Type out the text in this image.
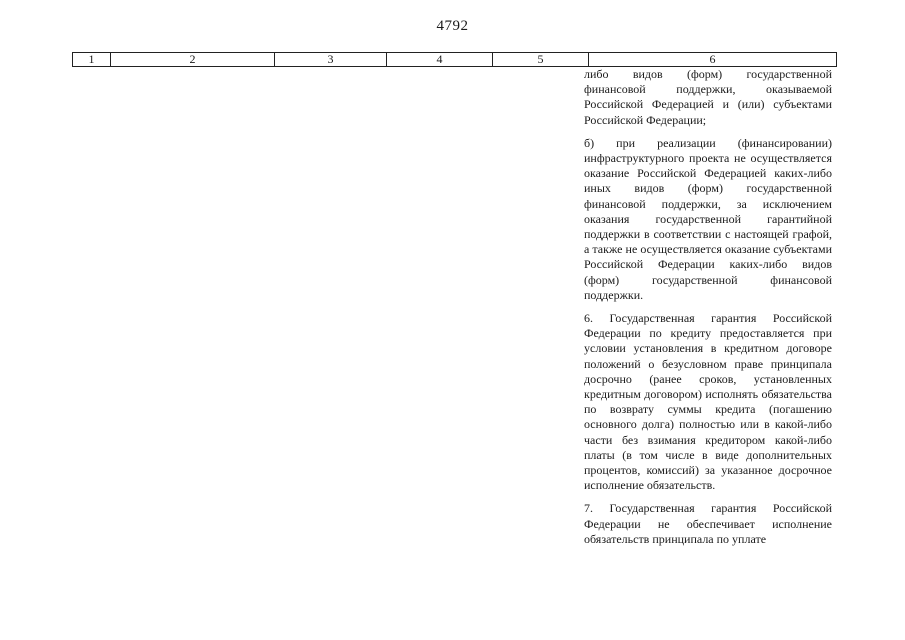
4792
1	2	3	4	5	6

либо видов (форм) государственной финансовой поддержки, оказываемой Российской Федерацией и (или) субъектами Российской Федерации;

б) при реализации (финансировании) инфраструктурного проекта не осуществляется оказание Российской Федерацией каких-либо иных видов (форм) государственной финансовой поддержки, за исключением оказания государственной гарантийной поддержки в соответствии с настоящей графой, а также не осуществляется оказание субъектами Российской Федерации каких-либо видов (форм) государственной финансовой поддержки.

6. Государственная гарантия Российской Федерации по кредиту предоставляется при условии установления в кредитном договоре положений о безусловном праве принципала досрочно (ранее сроков, установленных кредитным договором) исполнять обязательства по возврату суммы кредита (погашению основного долга) полностью или в какой-либо части без взимания кредитором какой-либо платы (в том числе в виде дополнительных процентов, комиссий) за указанное досрочное исполнение обязательств.

7. Государственная гарантия Российской Федерации не обеспечивает исполнение обязательств принципала по уплате
